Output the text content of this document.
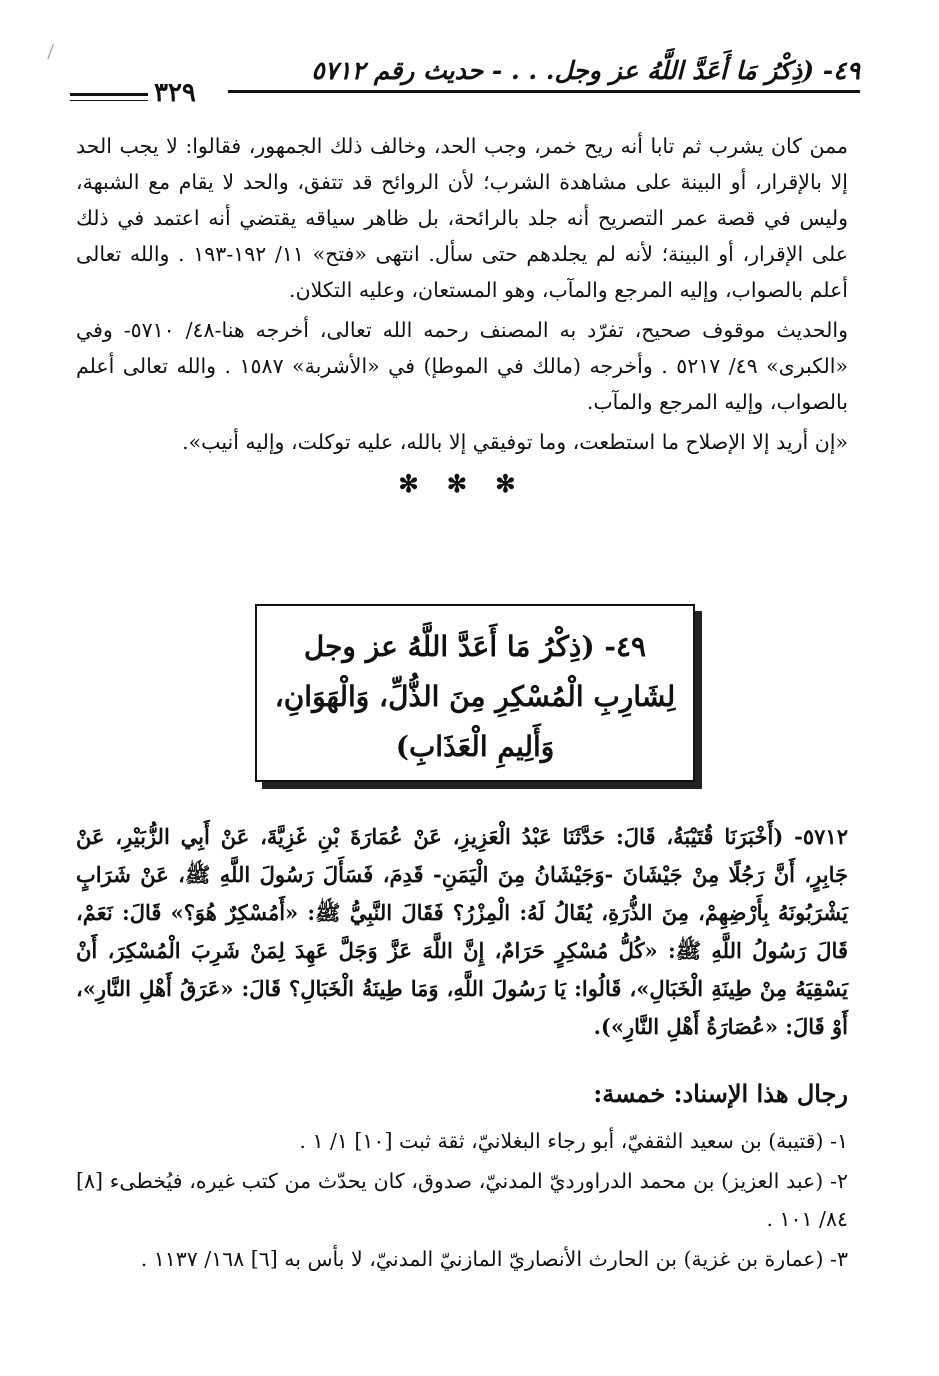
٤٩- (ذِكْرُ مَا أَعَدَّ اللَّهُ عز وجل. . . - حديث رقم ٥٧١٢
٣٢٩

ممن كان يشرب ثم تابا أنه ريح خمر، وجب الحد، وخالف ذلك الجمهور، فقالوا: لا يجب الحد إلا بالإقرار، أو البينة على مشاهدة الشرب؛ لأن الروائح قد تتفق، والحد لا يقام مع الشبهة، وليس في قصة عمر التصريح أنه جلد بالرائحة، بل ظاهر سياقه يقتضي أنه اعتمد في ذلك على الإقرار، أو البينة؛ لأنه لم يجلدهم حتى سأل. انتهى «فتح» ١١/ ١٩٢-١٩٣ . والله تعالى أعلم بالصواب، وإليه المرجع والمآب، وهو المستعان، وعليه التكلان.

والحديث موقوف صحيح، تفرّد به المصنف رحمه الله تعالى، أخرجه هنا-٤٨/ ٥٧١٠- وفي «الكبرى» ٤٩/ ٥٢١٧ . وأخرجه (مالك في الموطإ) في «الأشربة» ١٥٨٧ . والله تعالى أعلم بالصواب، وإليه المرجع والمآب.

«إن أريد إلا الإصلاح ما استطعت، وما توفيقي إلا بالله، عليه توكلت، وإليه أنيب».

✻ ✻ ✻

٤٩- (ذِكْرُ مَا أَعَدَّ اللَّهُ عز وجل

لِشَارِبِ الْمُسْكِرِ مِنَ الذُّلِّ، وَالْهَوَانِ،

وَأَلِيمِ الْعَذَابِ)

٥٧١٢- (أَخْبَرَنَا قُتَيْبَةُ، قَالَ: حَدَّثَنَا عَبْدُ الْعَزِيزِ، عَنْ عُمَارَةَ بْنِ غَزِيَّةَ، عَنْ أَبِي الزُّبَيْرِ، عَنْ جَابِرٍ، أَنَّ رَجُلًا مِنْ جَيْشَانَ -وَجَيْشَانُ مِنَ الْيَمَنِ- قَدِمَ، فَسَأَلَ رَسُولَ اللَّهِ ﷺ، عَنْ شَرَابٍ يَشْرَبُونَهُ بِأَرْضِهِمْ، مِنَ الذُّرَةِ، يُقَالُ لَهُ: الْمِزْرُ؟ فَقَالَ النَّبِيُّ ﷺ: «أَمُسْكِرٌ هُوَ؟» قَالَ: نَعَمْ، قَالَ رَسُولُ اللَّهِ ﷺ: «كُلُّ مُسْكِرٍ حَرَامٌ، إِنَّ اللَّهَ عَزَّ وَجَلَّ عَهِدَ لِمَنْ شَرِبَ الْمُسْكِرَ، أَنْ يَسْقِيَهُ مِنْ طِينَةِ الْخَبَالِ»، قَالُوا: يَا رَسُولَ اللَّهِ، وَمَا طِينَةُ الْخَبَالِ؟ قَالَ: «عَرَقُ أَهْلِ النَّارِ»، أَوْ قَالَ: «عُصَارَةُ أَهْلِ النَّارِ»).
رجال هذا الإسناد: خمسة:

١- (قتيبة) بن سعيد الثقفيّ، أبو رجاء البغلانيّ، ثقة ثبت [١٠] ١/ ١ .

٢- (عبد العزيز) بن محمد الدراورديّ المدنيّ، صدوق، كان يحدّث من كتب غيره، فيُخطىء [٨] ٨٤/ ١٠١ .

٣- (عمارة بن غزية) بن الحارث الأنصاريّ المازنيّ المدنيّ، لا بأس به [٦] ١٦٨/ ١١٣٧ .
